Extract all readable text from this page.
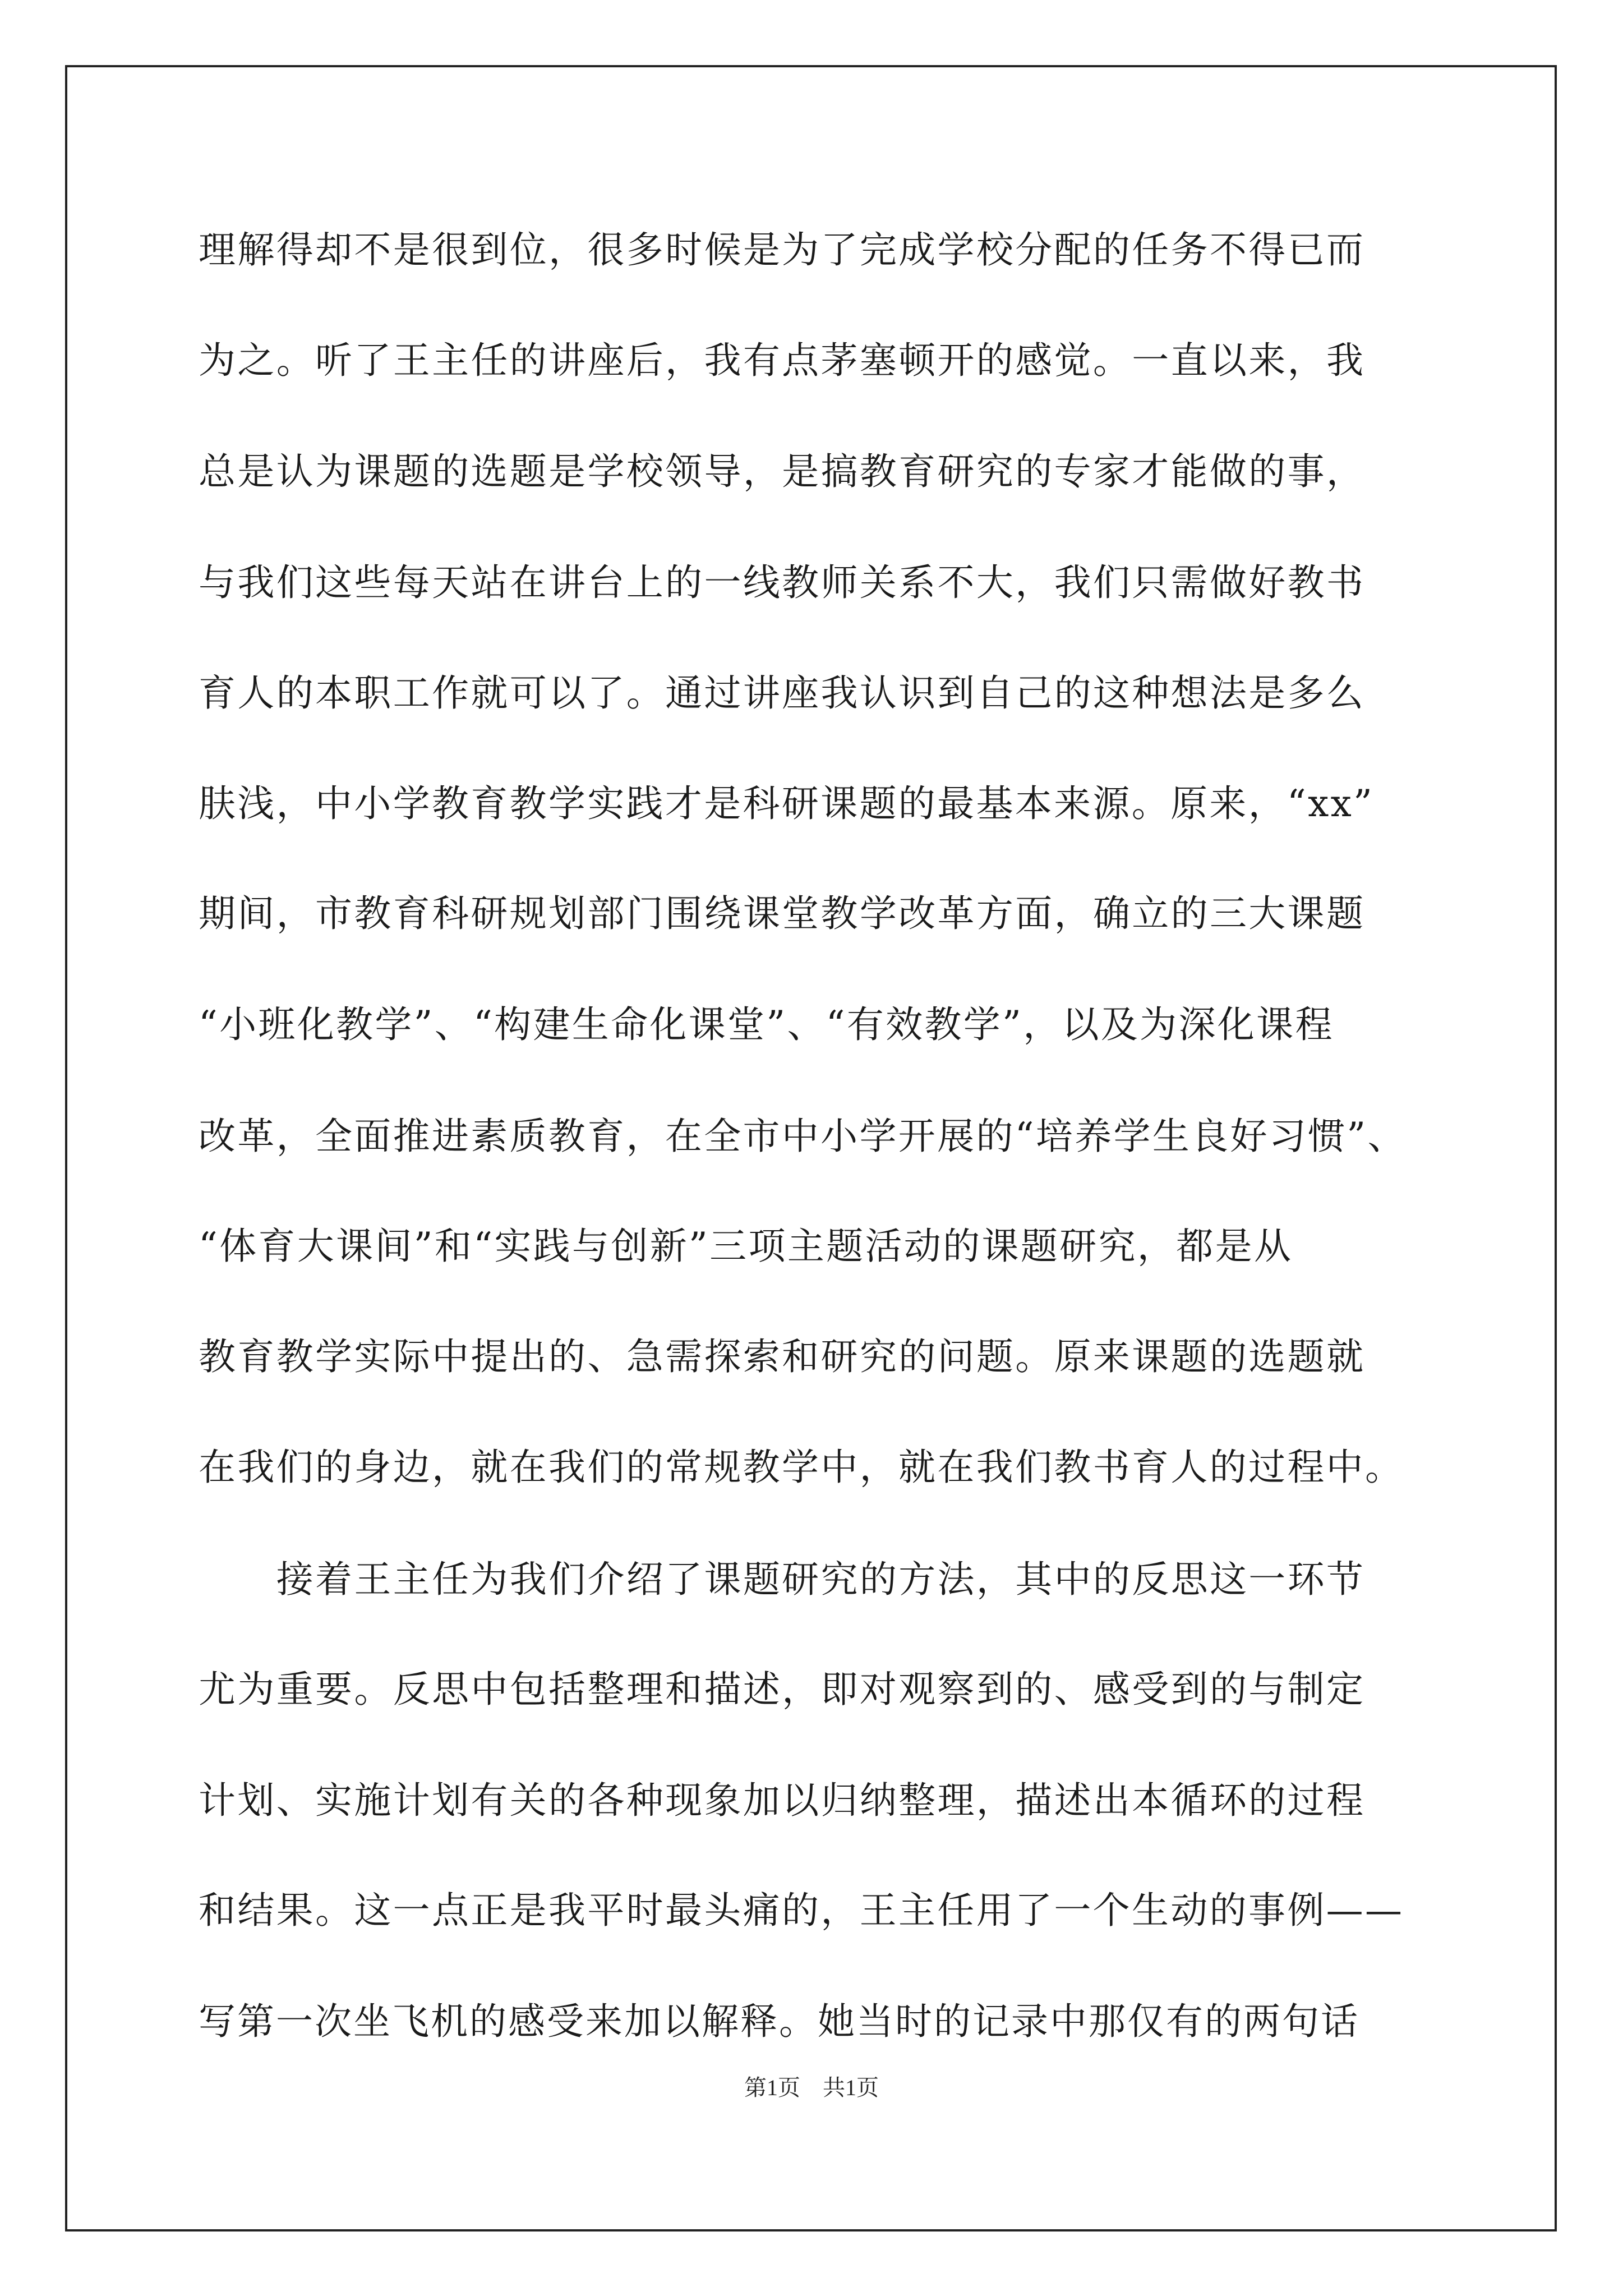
理解得却不是很到位，很多时候是为了完成学校分配的任务不得已而
为之。听了王主任的讲座后，我有点茅塞顿开的感觉。一直以来，我
总是认为课题的选题是学校领导，是搞教育研究的专家才能做的事，
与我们这些每天站在讲台上的一线教师关系不大，我们只需做好教书
育人的本职工作就可以了。通过讲座我认识到自己的这种想法是多么
肤浅，中小学教育教学实践才是科研课题的最基本来源。原来，“xx”
期间，市教育科研规划部门围绕课堂教学改革方面，确立的三大课题
“小班化教学”、“构建生命化课堂”、“有效教学”，以及为深化课程
改革，全面推进素质教育，在全市中小学开展的“培养学生良好习惯”、
“体育大课间”和“实践与创新”三项主题活动的课题研究，都是从
教育教学实际中提出的、急需探索和研究的问题。原来课题的选题就
在我们的身边，就在我们的常规教学中，就在我们教书育人的过程中。
　　接着王主任为我们介绍了课题研究的方法，其中的反思这一环节
尤为重要。反思中包括整理和描述，即对观察到的、感受到的与制定
计划、实施计划有关的各种现象加以归纳整理，描述出本循环的过程
和结果。这一点正是我平时最头痛的，王主任用了一个生动的事例——
写第一次坐飞机的感受来加以解释。她当时的记录中那仅有的两句话
第1页　共1页
